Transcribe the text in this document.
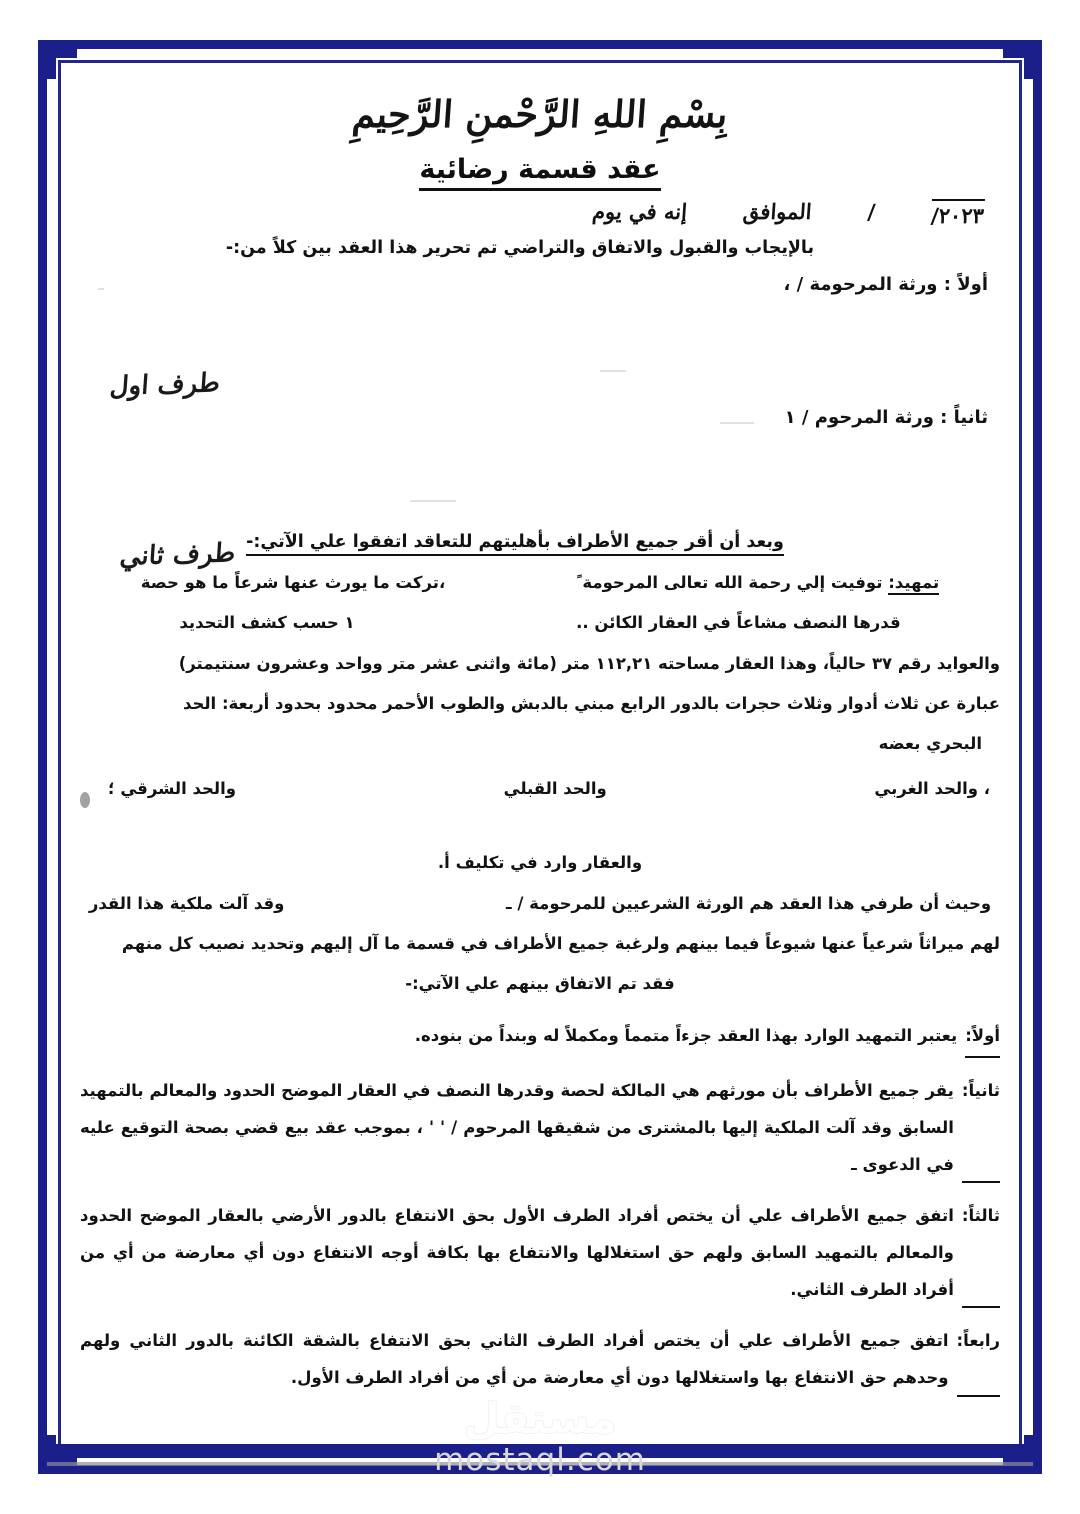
بِسْمِ اللهِ الرَّحْمنِ الرَّحِيمِ
عقد قسمة رضائية
٢٠٢٣/
/
الموافق
إنه في يوم
بالإيجاب والقبول والاتفاق والتراضي تم تحرير هذا العقد بين كلاً من:-
أولاً : ورثة المرحومة / ،
ثانياً : ورثة المرحوم / ١
طرف اول
طرف ثاني وبعد أن أقر جميع الأطراف بأهليتهم للتعاقد اتفقوا علي الآتي:-

تمهيد: توفيت إلي رحمة الله تعالى المرحومة ً  ،تركت ما يورث عنها شرعاً ما هو حصة

قدرها النصف مشاعاً في العقار الكائن ..  ١ حسب كشف التحديد

والعوايد رقم ٣٧ حالياً، وهذا العقار مساحته ١١٢,٢١ متر (مائة واثنى عشر متر وواحد وعشرون سنتيمتر)

عبارة عن ثلاث أدوار وثلاث حجرات بالدور الرابع مبني بالدبش والطوب الأحمر محدود بحدود أربعة: الحد

البحري بعضه

، والحد الغربي
والحد القبلي
والحد الشرقي ؛

والعقار وارد في تكليف أ.

وحيث أن طرفي هذا العقد هم الورثة الشرعيين للمرحومة / ـ  وقد آلت ملكية هذا القدر

لهم ميراثاً شرعياً عنها شيوعاً فيما بينهم ولرغبة جميع الأطراف في قسمة ما آل إليهم وتحديد نصيب كل منهم

فقد تم الاتفاق بينهم علي الآتي:-

أولاً:
يعتبر التمهيد الوارد بهذا العقد جزءاً متمماً ومكملاً له وبنداً من بنوده.
ثانياً:
يقر جميع الأطراف بأن مورثهم هي المالكة لحصة وقدرها النصف في العقار الموضح الحدود والمعالم بالتمهيد السابق وقد آلت الملكية إليها بالمشترى من شقيقها المرحوم / ' ' ، بموجب عقد بيع قضي بصحة التوقيع عليه في الدعوى ـ
ثالثاً:
اتفق جميع الأطراف علي أن يختص أفراد الطرف الأول بحق الانتفاع بالدور الأرضي بالعقار الموضح الحدود والمعالم بالتمهيد السابق ولهم حق استغلالها والانتفاع بها بكافة أوجه الانتفاع دون أي معارضة من أي من أفراد الطرف الثاني.
رابعاً:
اتفق جميع الأطراف علي أن يختص أفراد الطرف الثاني بحق الانتفاع بالشقة الكائنة بالدور الثاني ولهم وحدهم حق الانتفاع بها واستغلالها دون أي معارضة من أي من أفراد الطرف الأول.
مستقل
mostaql.com
